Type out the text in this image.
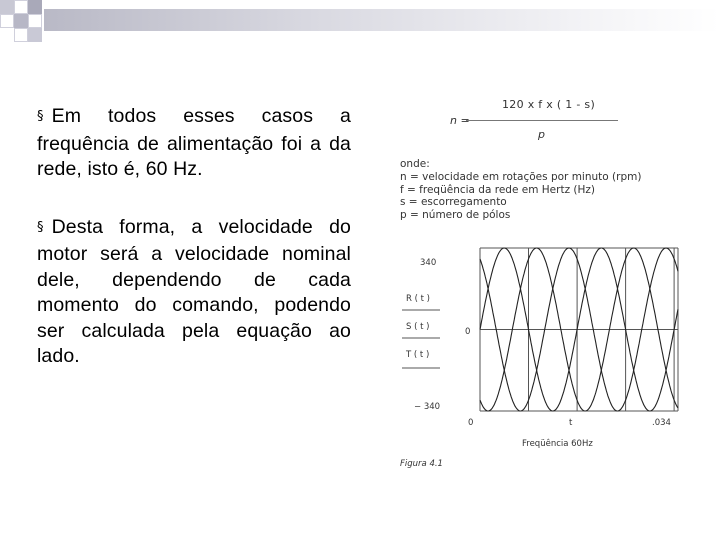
§ Em todos esses casos a frequência de alimentação foi a da rede, isto é, 60 Hz.

§ Desta forma, a velocidade do motor será a velocidade nominal dele, dependendo de cada momento do comando, podendo ser calculada pela equação ao lado.

120 x f x ( 1 - s)
n =
p
onde:
n = velocidade em rotações por minuto (rpm)
f = freqüência da rede em Hertz (Hz)
s = escorregamento
p = número de pólos
340
0
− 340
R ( t )
S ( t )
T ( t )
0	t	.034
Freqüência 60Hz
Figura 4.1
